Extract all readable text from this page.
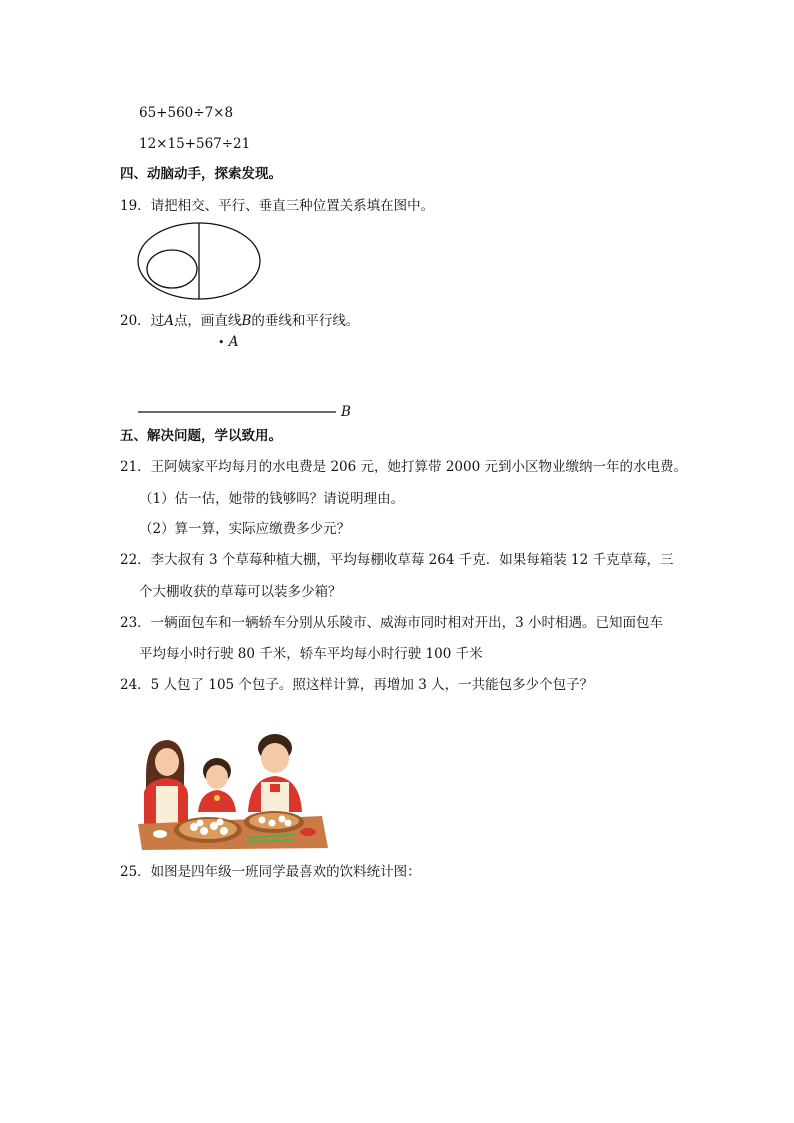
65+560÷7×8
12×15+567÷21
四、动脑动手，探索发现。
19．请把相交、平行、垂直三种位置关系填在图中。
20．过A点，画直线B的垂线和平行线。
• A
B
五、解决问题，学以致用。
21．王阿姨家平均每月的水电费是 206 元，她打算带 2000 元到小区物业缴纳一年的水电费。
（1）估一估，她带的钱够吗？请说明理由。
（2）算一算，实际应缴费多少元？
22．李大叔有 3 个草莓种植大棚，平均每棚收草莓 264 千克．如果每箱装 12 千克草莓，三
个大棚收获的草莓可以装多少箱？
23．一辆面包车和一辆轿车分别从乐陵市、威海市同时相对开出，3 小时相遇。已知面包车
平均每小时行驶 80 千米，轿车平均每小时行驶 100 千米
24．5 人包了 105 个包子。照这样计算，再增加 3 人，一共能包多少个包子？
25．如图是四年级一班同学最喜欢的饮料统计图：
